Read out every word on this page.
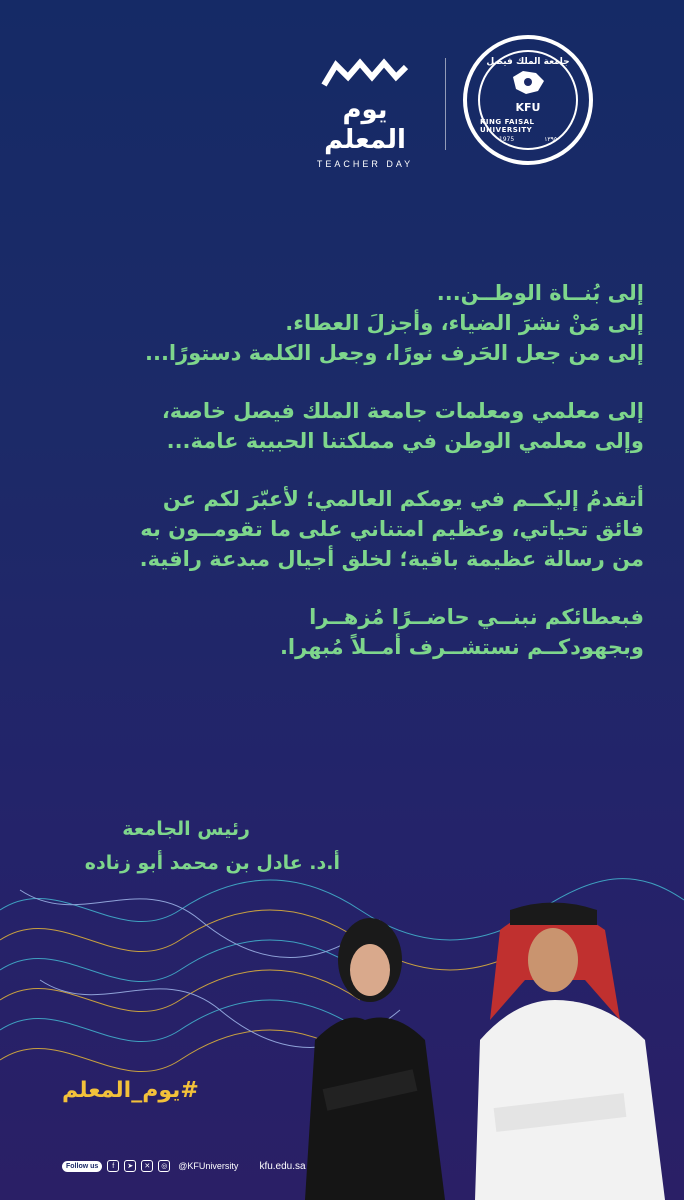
جامعة الملك فيصل
KFU
KING FAISAL UNIVERSITY
1975	١٣٩٥
يوم المعلم
TEACHER DAY
إلى بُنــاة الوطــن...
إلى مَنْ نشرَ الضياء، وأجزلَ العطاء.
إلى من جعل الحَرف نورًا، وجعل الكلمة دستورًا...
إلى معلمي ومعلمات جامعة الملك فيصل خاصة،
وإلى معلمي الوطن في مملكتنا الحبيبة عامة...
أتقدمُ إليكــم في يومكم العالمي؛ لأعبّرَ لكم عن
فائق تحياتي، وعظيم امتناني على ما تقومــون به
من رسالة عظيمة باقية؛ لخلق أجيال مبدعة راقية.
فبعطائكم نبنــي حاضــرًا مُزهــرا
وبجهودكــم نستشــرف أمــلاً مُبهرا.
رئيس الجامعة
أ.د. عادل بن محمد أبو زناده
#يوم_المعلم
Follow us	f	➤	✕	◎	@KFUniversity kfu.edu.sa
